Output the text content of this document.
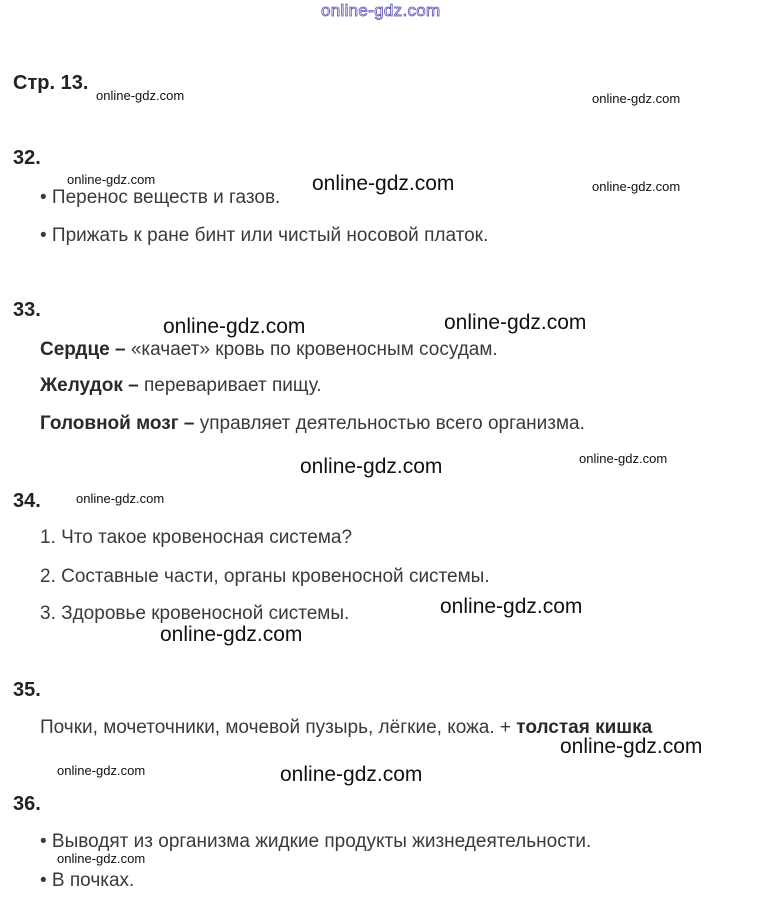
online-gdz.com
Стр. 13.
online-gdz.com	online-gdz.com
online-gdz.com	online-gdz.com	online-gdz.com
online-gdz.com	online-gdz.com
online-gdz.com	online-gdz.com
online-gdz.com
online-gdz.com
online-gdz.com
online-gdz.com
online-gdz.com	online-gdz.com
online-gdz.com
32.
• Перенос веществ и газов.
• Прижать к ране бинт или чистый носовой платок.
33.
Сердце – «качает» кровь по кровеносным сосудам.
Желудок – переваривает пищу.
Головной мозг – управляет деятельностью всего организма.
34.
1. Что такое кровеносная система?
2. Составные части, органы кровеносной системы.
3. Здоровье кровеносной системы.
35.
Почки, мочеточники, мочевой пузырь, лёгкие, кожа. + толстая кишка
36.
• Выводят из организма жидкие продукты жизнедеятельности.
• В почках.
